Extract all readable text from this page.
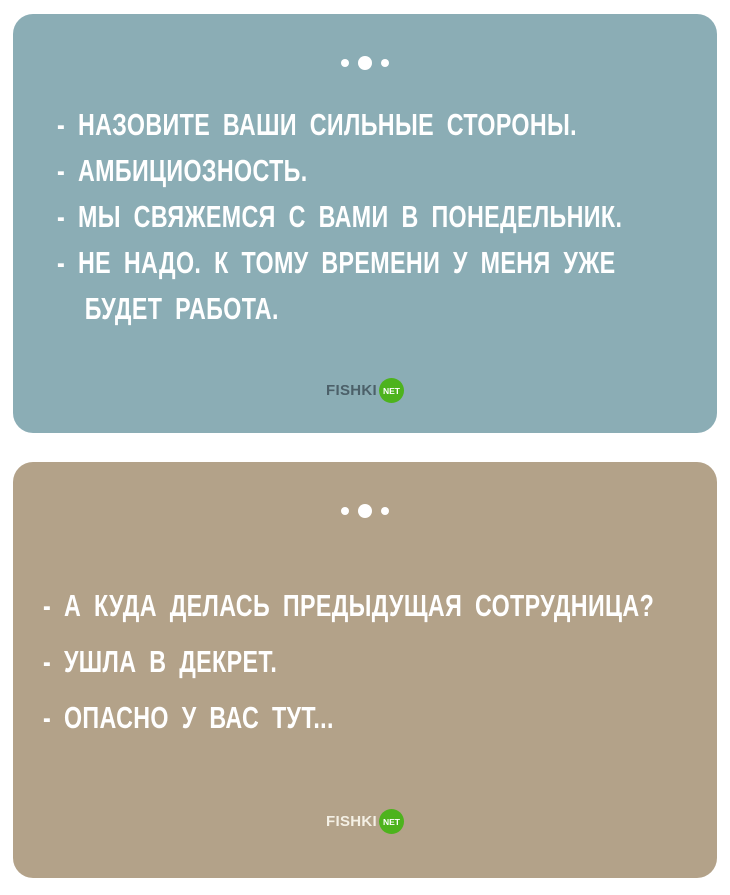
- НАЗОВИТЕ ВАШИ СИЛЬНЫЕ СТОРОНЫ.
- АМБИЦИОЗНОСТЬ.
- МЫ СВЯЖЕМСЯ С ВАМИ В ПОНЕДЕЛЬНИК.
- НЕ НАДО. К ТОМУ ВРЕМЕНИ У МЕНЯ УЖЕ
БУДЕТ РАБОТА.
FISHKI NET
- А КУДА ДЕЛАСЬ ПРЕДЫДУЩАЯ СОТРУДНИЦА?
- УШЛА В ДЕКРЕТ.
- ОПАСНО У ВАС ТУТ...
FISHKI NET
